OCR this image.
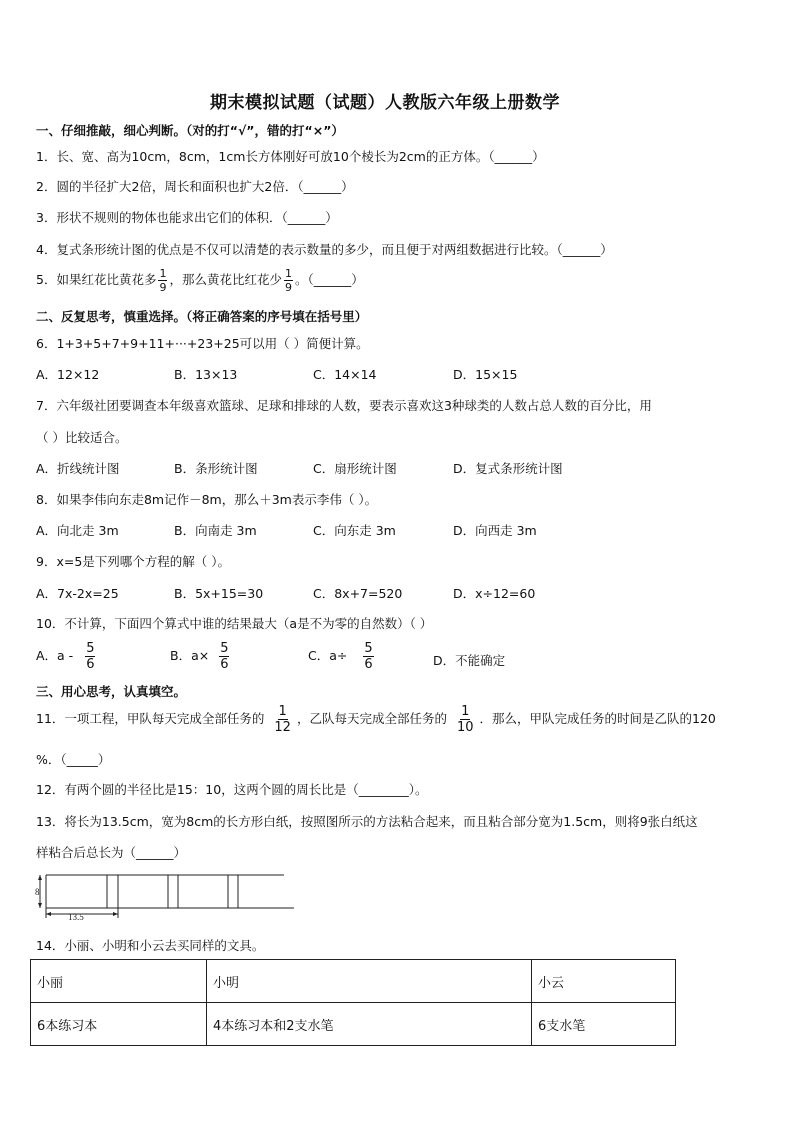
期末模拟试题（试题）人教版六年级上册数学
一、仔细推敲，细心判断。（对的打“√”，错的打“×”）
1．长、宽、高为10cm，8cm，1cm长方体刚好可放10个棱长为2cm的正方体。（______）
2．圆的半径扩大2倍，周长和面积也扩大2倍．（______）
3．形状不规则的物体也能求出它们的体积．（______）
4．复式条形统计图的优点是不仅可以清楚的表示数量的多少，而且便于对两组数据进行比较。（______）
5．如果红花比黄花多 $\frac{1}{9}$ ，那么黄花比红花少 $\frac{1}{9}$ 。（______）
二、反复思考，慎重选择。（将正确答案的序号填在括号里）
6．1+3+5+7+9+11+···+23+25可以用（ ）简便计算。
A．12×12	B．13×13	C．14×14	D．15×15
7．六年级社团要调查本年级喜欢篮球、足球和排球的人数，要表示喜欢这3种球类的人数占总人数的百分比，用
（ ）比较适合。
A．折线统计图	B．条形统计图	C．扇形统计图	D．复式条形统计图
8．如果李伟向东走8m记作－8m，那么＋3m表示李伟（ ）。
A．向北走 3m	B．向南走 3m	C．向东走 3m	D．向西走 3m
9．x=5是下列哪个方程的解（ ）。
A．7x-2x=25	B．5x+15=30	C．8x+7=520	D．x÷12=60
10．不计算，下面四个算式中谁的结果最大（a是不为零的自然数）（ ）
A．a - $\frac{5}{6}$	B．$a\times \frac{5}{6}$	C．$a\div \frac{5}{6}$	D．不能确定
三、用心思考，认真填空。
11．一项工程，甲队每天完成全部任务的 $\frac{1}{12}$ ，乙队每天完成全部任务的 $\frac{1}{10}$ ．那么，甲队完成任务的时间是乙队的120
%．（_____）
12．有两个圆的半径比是15：10，这两个圆的周长比是（________）。
13．将长为13.5cm，宽为8cm的长方形白纸，按照图所示的方法粘合起来，而且粘合部分宽为1.5cm，则将9张白纸这
样粘合后总长为（______）
8
13.5
14．小丽、小明和小云去买同样的文具。
小丽	小明	小云
6本练习本	4本练习本和2支水笔	6支水笔
